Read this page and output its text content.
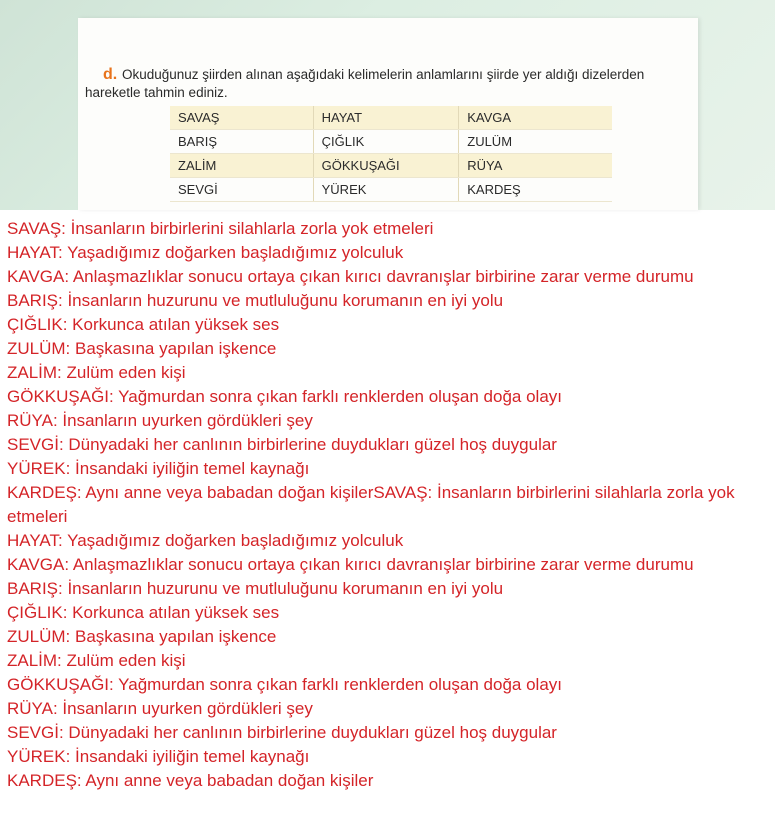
d. Okuduğunuz şiirden alınan aşağıdaki kelimelerin anlamlarını şiirde yer aldığı dizelerden hareketle tahmin ediniz.
SAVAŞ	HAYAT	KAVGA
BARIŞ	ÇIĞLIK	ZULÜM
ZALİM	GÖKKUŞAĞI	RÜYA
SEVGİ	YÜREK	KARDEŞ
SAVAŞ: İnsanların birbirlerini silahlarla zorla yok etmeleri
HAYAT: Yaşadığımız doğarken başladığımız yolculuk
KAVGA: Anlaşmazlıklar sonucu ortaya çıkan kırıcı davranışlar birbirine zarar verme durumu
BARIŞ: İnsanların huzurunu ve mutluluğunu korumanın en iyi yolu
ÇIĞLIK: Korkunca atılan yüksek ses
ZULÜM: Başkasına yapılan işkence
ZALİM: Zulüm eden kişi
GÖKKUŞAĞI: Yağmurdan sonra çıkan farklı renklerden oluşan doğa olayı
RÜYA: İnsanların uyurken gördükleri şey
SEVGİ: Dünyadaki her canlının birbirlerine duydukları güzel hoş duygular
YÜREK: İnsandaki iyiliğin temel kaynağı
KARDEŞ: Aynı anne veya babadan doğan kişilerSAVAŞ: İnsanların birbirlerini silahlarla zorla yok etmeleri
HAYAT: Yaşadığımız doğarken başladığımız yolculuk
KAVGA: Anlaşmazlıklar sonucu ortaya çıkan kırıcı davranışlar birbirine zarar verme durumu
BARIŞ: İnsanların huzurunu ve mutluluğunu korumanın en iyi yolu
ÇIĞLIK: Korkunca atılan yüksek ses
ZULÜM: Başkasına yapılan işkence
ZALİM: Zulüm eden kişi
GÖKKUŞAĞI: Yağmurdan sonra çıkan farklı renklerden oluşan doğa olayı
RÜYA: İnsanların uyurken gördükleri şey
SEVGİ: Dünyadaki her canlının birbirlerine duydukları güzel hoş duygular
YÜREK: İnsandaki iyiliğin temel kaynağı
KARDEŞ: Aynı anne veya babadan doğan kişiler
